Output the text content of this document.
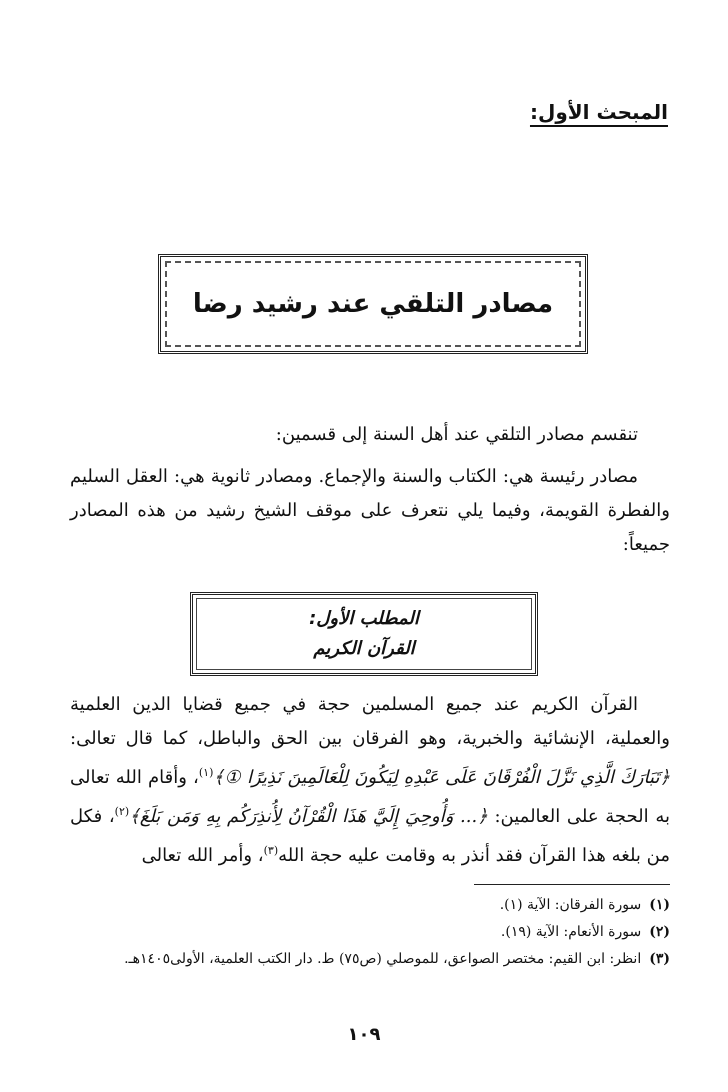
المبحث الأول:
مصادر التلقي عند رشيد رضا

تنقسم مصادر التلقي عند أهل السنة إلى قسمين:

مصادر رئيسة هي: الكتاب والسنة والإجماع. ومصادر ثانوية هي: العقل السليم والفطرة القويمة، وفيما يلي نتعرف على موقف الشيخ رشيد من هذه المصادر جميعاً:

المطلب الأول:
القرآن الكريم

القرآن الكريم عند جميع المسلمين حجة في جميع قضايا الدين العلمية والعملية، الإنشائية والخبرية، وهو الفرقان بين الحق والباطل، كما قال تعالى: ﴿تَبَارَكَ الَّذِي نَزَّلَ الْفُرْقَانَ عَلَى عَبْدِهِ لِيَكُونَ لِلْعَالَمِينَ نَذِيرًا ①﴾$^{(١)}$، وأقام الله تعالى به الحجة على العالمين: ﴿... وَأُوحِيَ إِلَيَّ هَذَا الْقُرْآنُ لِأُنذِرَكُم بِهِ وَمَن بَلَغَ﴾$^{(٢)}$، فكل من بلغه هذا القرآن فقد أنذر به وقامت عليه حجة الله$^{(٣)}$، وأمر الله تعالى

(١)
سورة الفرقان: الآية (١).
(٢)
سورة الأنعام: الآية (١٩).
(٣)
انظر: ابن القيم: مختصر الصواعق، للموصلي (ص٧٥) ط. دار الكتب العلمية، الأولى١٤٠٥هـ.
١٠٩
